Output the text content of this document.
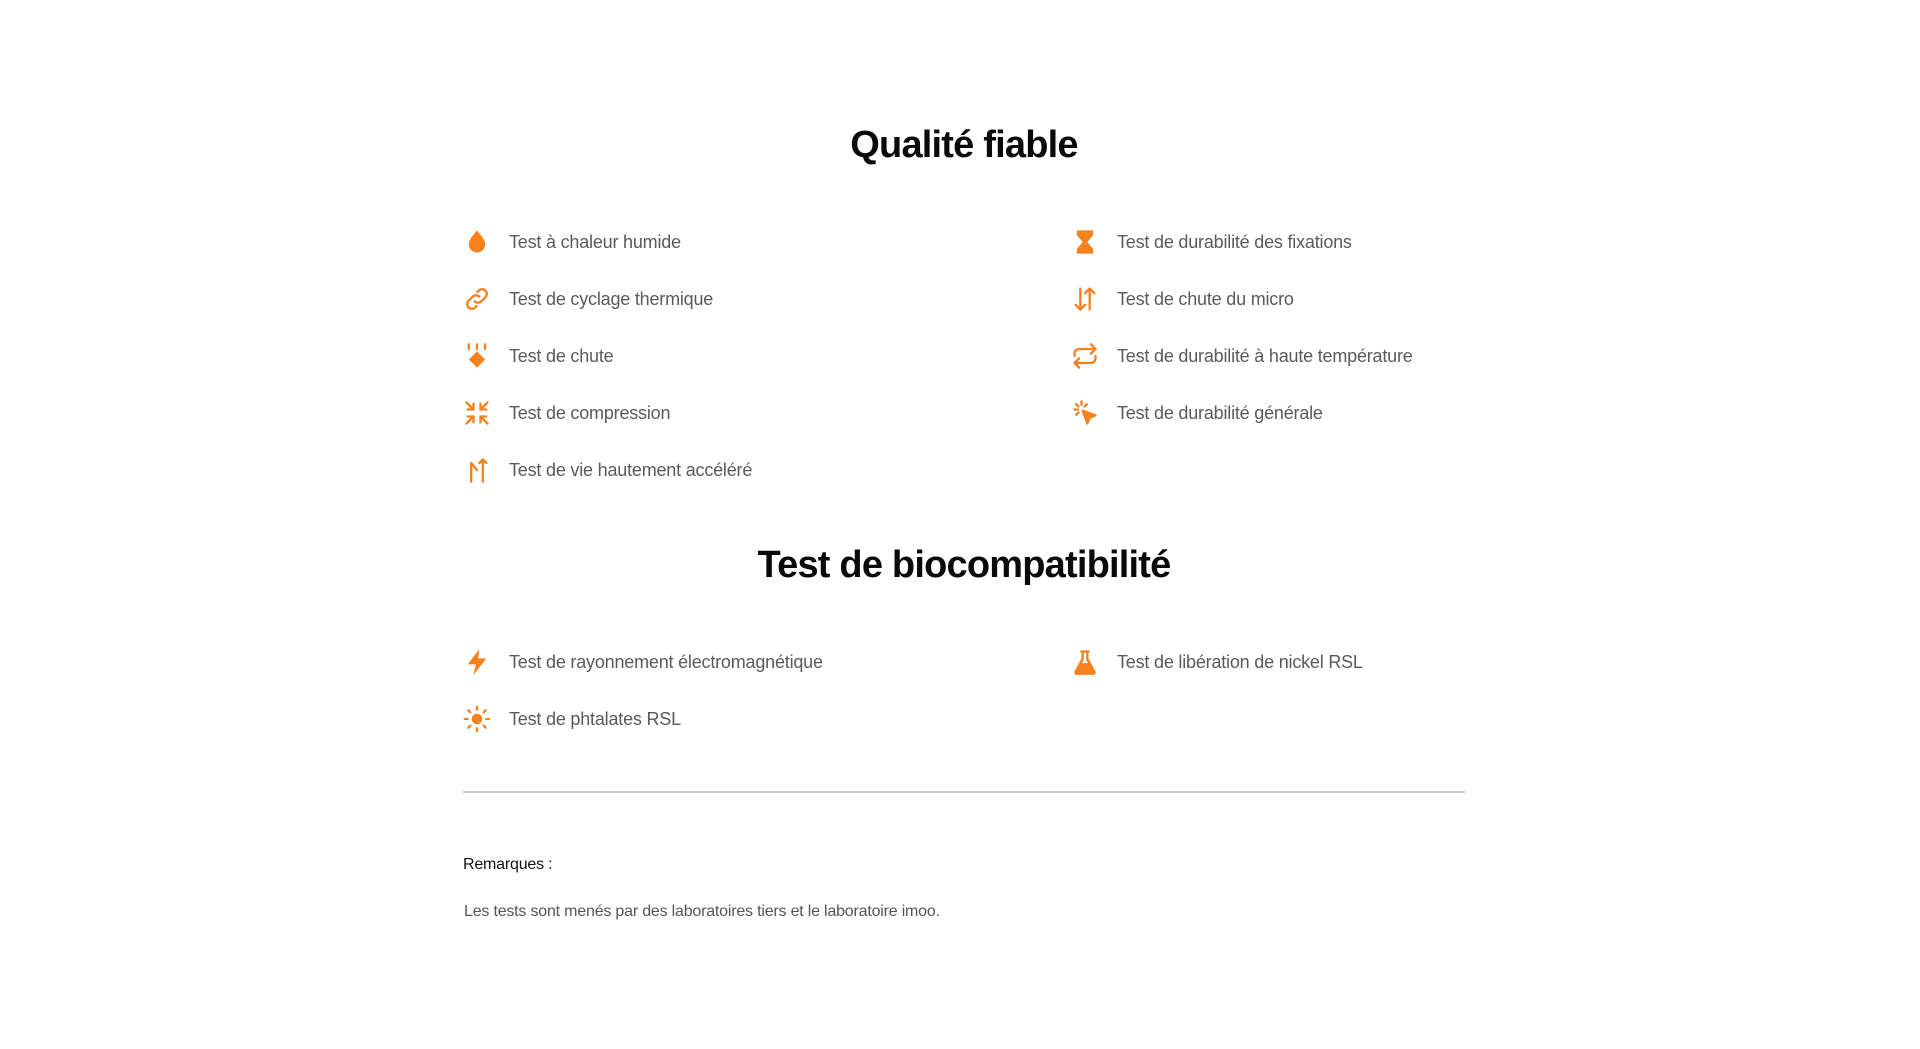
Qualité fiable
Test à chaleur humide
Test de cyclage thermique
Test de chute
Test de compression
Test de vie hautement accéléré
Test de durabilité des fixations
Test de chute du micro
Test de durabilité à haute température
Test de durabilité générale
Test de biocompatibilité
Test de rayonnement électromagnétique
Test de phtalates RSL
Test de libération de nickel RSL
Remarques :
Les tests sont menés par des laboratoires tiers et le laboratoire imoo.
